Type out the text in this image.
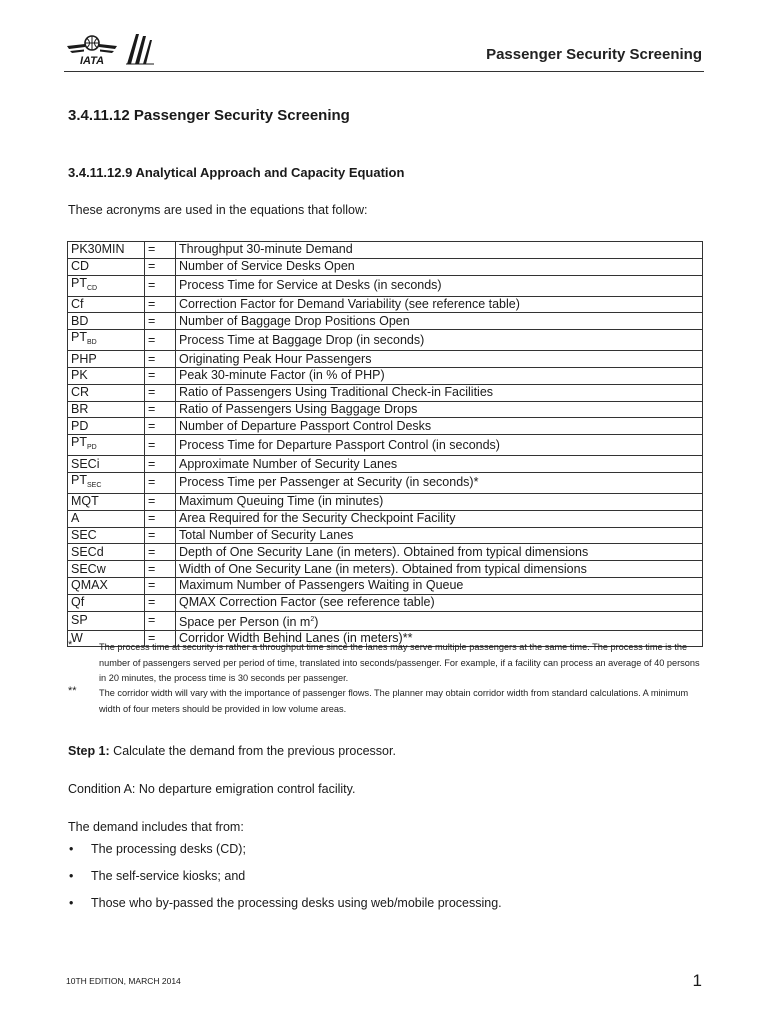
IATA	Passenger Security Screening
3.4.11.12 Passenger Security Screening
3.4.11.12.9 Analytical Approach and Capacity Equation

These acronyms are used in the equations that follow:

PK30MIN	=	Throughput 30-minute Demand
CD	=	Number of Service Desks Open
$PT_{CD}$	=	Process Time for Service at Desks (in seconds)
Cf	=	Correction Factor for Demand Variability (see reference table)
BD	=	Number of Baggage Drop Positions Open
$PT_{BD}$	=	Process Time at Baggage Drop (in seconds)
PHP	=	Originating Peak Hour Passengers
PK	=	Peak 30-minute Factor (in % of PHP)
CR	=	Ratio of Passengers Using Traditional Check-in Facilities
BR	=	Ratio of Passengers Using Baggage Drops
PD	=	Number of Departure Passport Control Desks
$PT_{PD}$	=	Process Time for Departure Passport Control (in seconds)
SECi	=	Approximate Number of Security Lanes
$PT_{SEC}$	=	Process Time per Passenger at Security (in seconds)*
MQT	=	Maximum Queuing Time (in minutes)
A	=	Area Required for the Security Checkpoint Facility
SEC	=	Total Number of Security Lanes
SECd	=	Depth of One Security Lane (in meters). Obtained from typical dimensions
SECw	=	Width of One Security Lane (in meters). Obtained from typical dimensions
QMAX	=	Maximum Number of Passengers Waiting in Queue
Qf	=	QMAX Correction Factor (see reference table)
SP	=	Space per Person (in $m^2$)
W	=	Corridor Width Behind Lanes (in meters)**
*	The process time at security is rather a throughput time since the lanes may serve multiple passengers at the same time. The process time is the number of passengers served per period of time, translated into seconds/passenger. For example, if a facility can process an average of 40 persons in 20 minutes, the process time is 30 seconds per passenger.
** The corridor width will vary with the importance of passenger flows. The planner may obtain corridor width from standard calculations. A minimum width of four meters should be provided in low volume areas.

Step 1: Calculate the demand from the previous processor.

Condition A: No departure emigration control facility.

The demand includes that from:

• The processing desks (CD);
• The self-service kiosks; and
• Those who by-passed the processing desks using web/mobile processing.
10TH EDITION, MARCH 2014	1
